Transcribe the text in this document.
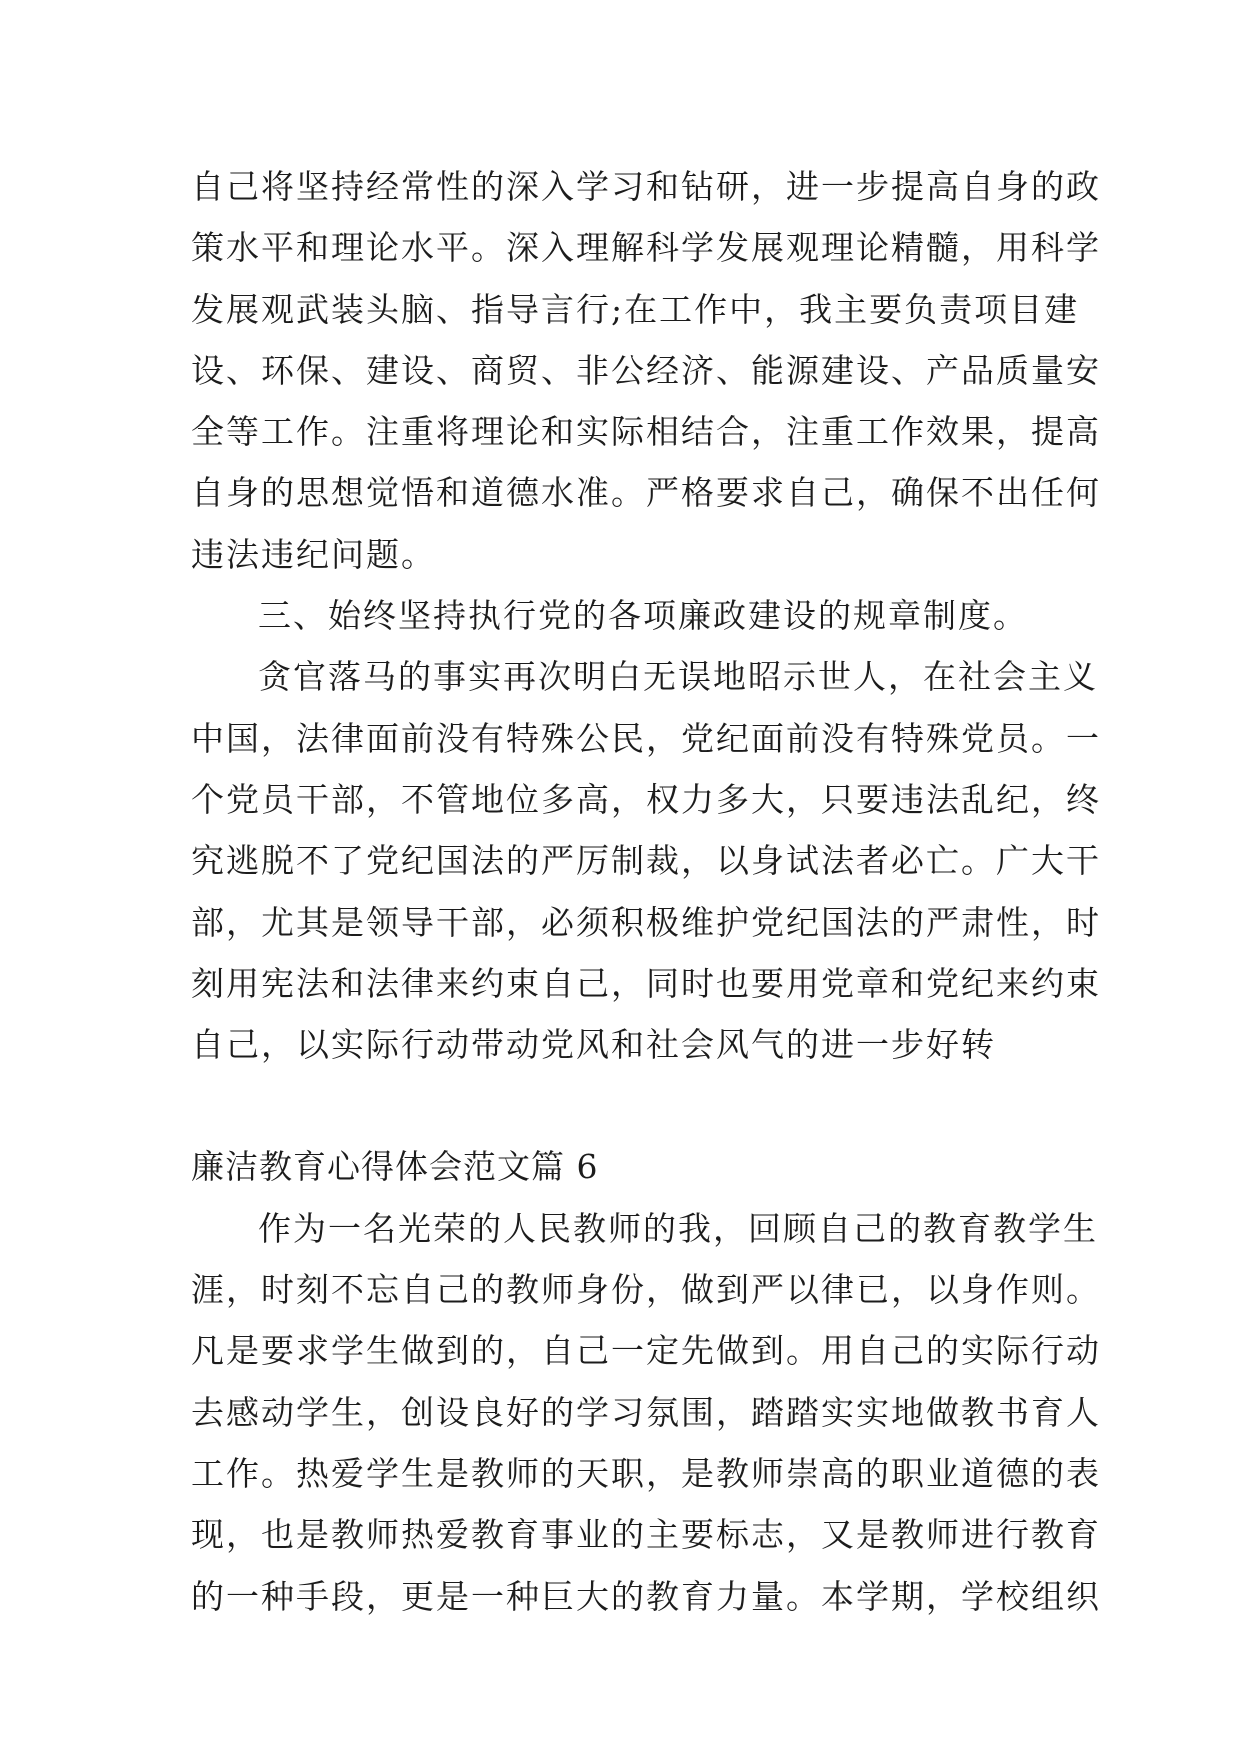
自己将坚持经常性的深入学习和钻研，进一步提高自身的政
策水平和理论水平。深入理解科学发展观理论精髓，用科学
发展观武装头脑、指导言行;在工作中，我主要负责项目建
设、环保、建设、商贸、非公经济、能源建设、产品质量安
全等工作。注重将理论和实际相结合，注重工作效果，提高
自身的思想觉悟和道德水准。严格要求自己，确保不出任何
违法违纪问题。
三、始终坚持执行党的各项廉政建设的规章制度。
贪官落马的事实再次明白无误地昭示世人，在社会主义
中国，法律面前没有特殊公民，党纪面前没有特殊党员。一
个党员干部，不管地位多高，权力多大，只要违法乱纪，终
究逃脱不了党纪国法的严厉制裁，以身试法者必亡。广大干
部，尤其是领导干部，必须积极维护党纪国法的严肃性，时
刻用宪法和法律来约束自己，同时也要用党章和党纪来约束
自己，以实际行动带动党风和社会风气的进一步好转
廉洁教育心得体会范文篇 6
作为一名光荣的人民教师的我，回顾自己的教育教学生
涯，时刻不忘自己的教师身份，做到严以律已，以身作则。
凡是要求学生做到的，自己一定先做到。用自己的实际行动
去感动学生，创设良好的学习氛围，踏踏实实地做教书育人
工作。热爱学生是教师的天职，是教师崇高的职业道德的表
现，也是教师热爱教育事业的主要标志，又是教师进行教育
的一种手段，更是一种巨大的教育力量。本学期，学校组织
